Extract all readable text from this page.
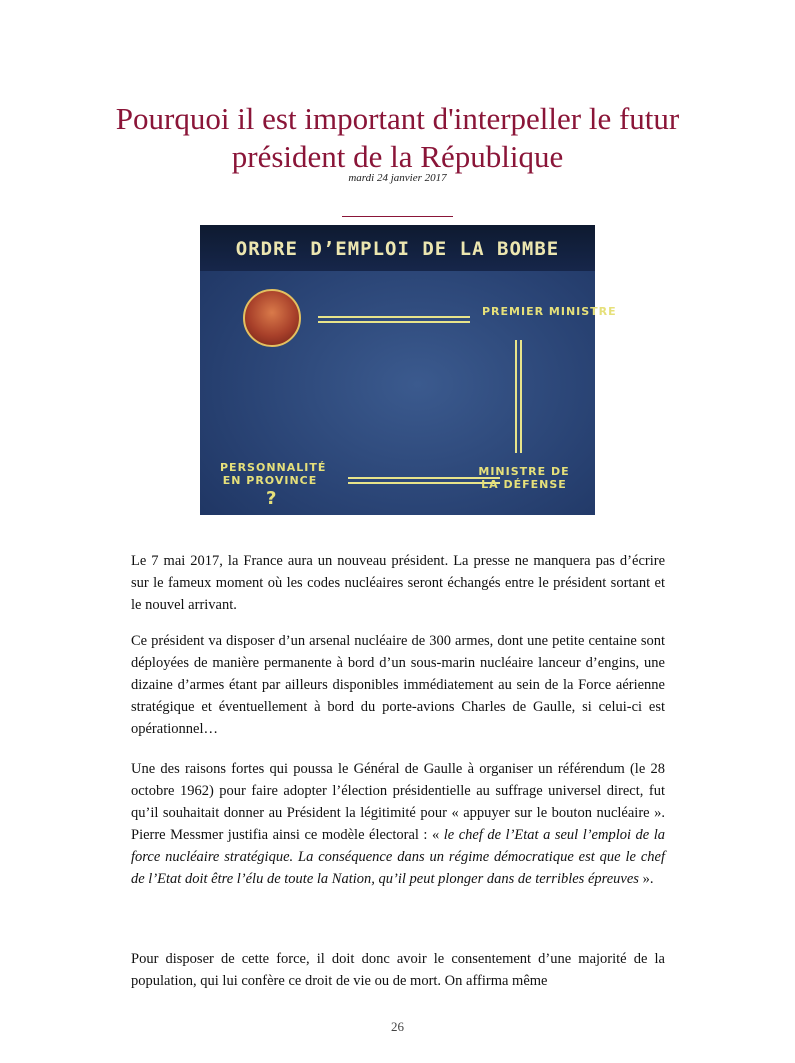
Pourquoi il est important d'interpeller le futur président de la République
mardi 24 janvier 2017
ORDRE D’EMPLOI DE LA BOMBE
PREMIER MINISTRE
PERSONNALITÉ EN PROVINCE
?
MINISTRE DE LA DÉFENSE

Le 7 mai 2017, la France aura un nouveau président. La presse ne manquera pas d’écrire sur le fameux moment où les codes nucléaires seront échangés entre le président sortant et le nouvel arrivant.

Ce président va disposer d’un arsenal nucléaire de 300 armes, dont une petite centaine sont déployées de manière permanente à bord d’un sous-marin nucléaire lanceur d’engins, une dizaine d’armes étant par ailleurs disponibles immédiatement au sein de la Force aérienne stratégique et éventuellement à bord du porte-avions Charles de Gaulle, si celui-ci est opérationnel…

Une des raisons fortes qui poussa le Général de Gaulle à organiser un référendum (le 28 octobre 1962) pour faire adopter l’élection présidentielle au suffrage universel direct, fut qu’il souhaitait donner au Président la légitimité pour « appuyer sur le bouton nucléaire ». Pierre Messmer justifia ainsi ce modèle électoral : « le chef de l’Etat a seul l’emploi de la force nucléaire stratégique. La conséquence dans un régime démocratique est que le chef de l’Etat doit être l’élu de toute la Nation, qu’il peut plonger dans de terribles épreuves ».

Pour disposer de cette force, il doit donc avoir le consentement d’une majorité de la population, qui lui confère ce droit de vie ou de mort. On affirma même

26
